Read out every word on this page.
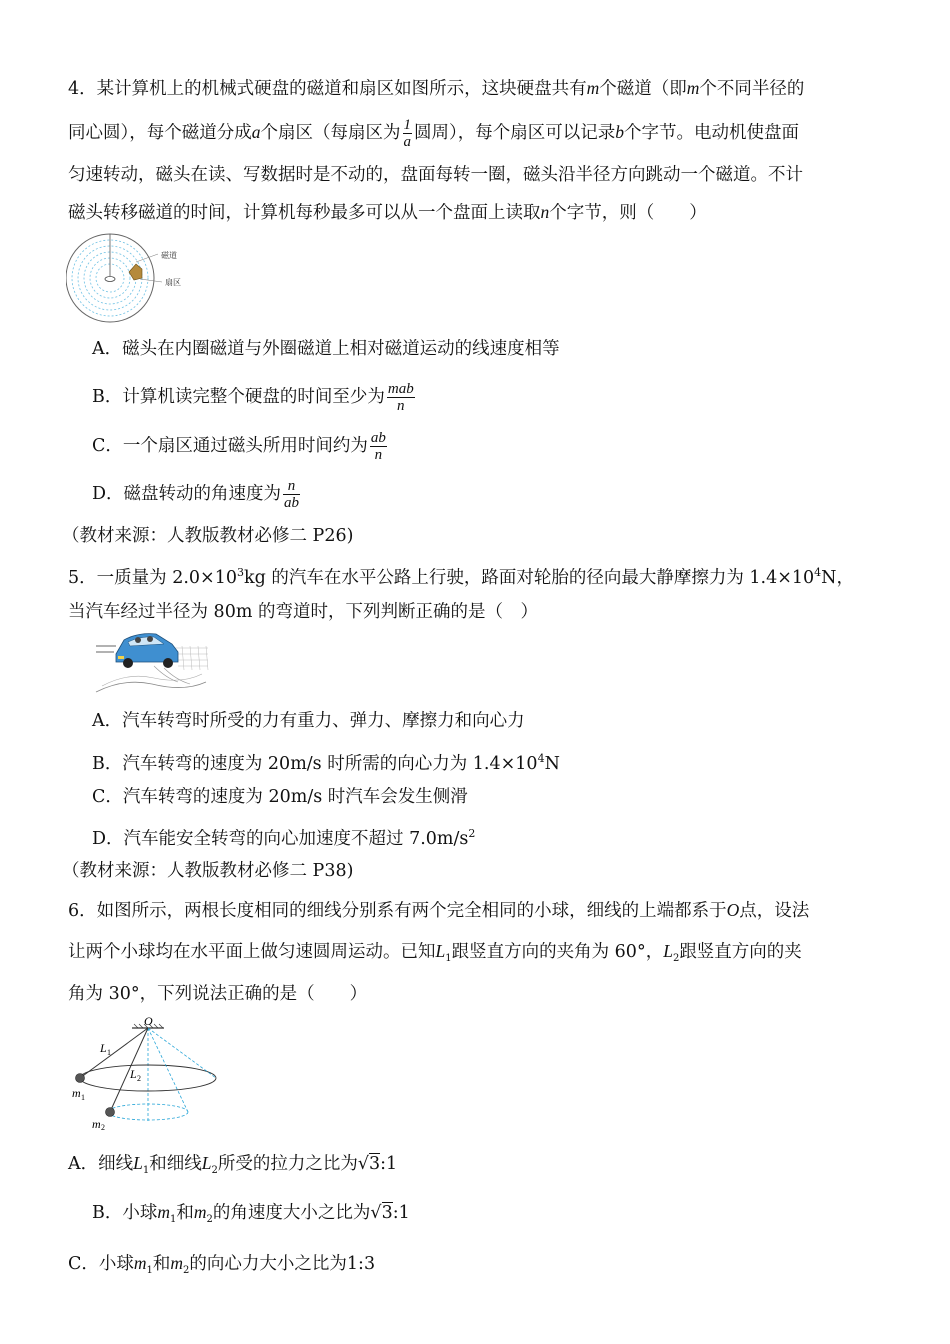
4．某计算机上的机械式硬盘的磁道和扇区如图所示，这块硬盘共有m个磁道（即m个不同半径的
同心圆），每个磁道分成a个扇区（每扇区为 $\frac{1}{a}$ 圆周），每个扇区可以记录b个字节。电动机使盘面
匀速转动，磁头在读、写数据时是不动的，盘面每转一圈，磁头沿半径方向跳动一个磁道。不计
磁头转移磁道的时间，计算机每秒最多可以从一个盘面上读取n个字节，则（　　）
磁道
扇区
A．磁头在内圈磁道与外圈磁道上相对磁道运动的线速度相等
B．计算机读完整个硬盘的时间至少为 $\frac{\text{mab}}{n}$
C．一个扇区通过磁头所用时间约为 $\frac{ab}{n}$
D．磁盘转动的角速度为 $\frac{n}{ab}$
（教材来源：人教版教材必修二 P26)
5．一质量为 $2.0\times 10^3kg$ 的汽车在水平公路上行驶，路面对轮胎的径向最大静摩擦力为 $1.4\times 10^4N$，
当汽车经过半径为 80m 的弯道时，下列判断正确的是（　）
A．汽车转弯时所受的力有重力、弹力、摩擦力和向心力
B．汽车转弯的速度为 20m/s 时所需的向心力为 $1.4\times 10^4N$
C．汽车转弯的速度为 20m/s 时汽车会发生侧滑
D．汽车能安全转弯的向心加速度不超过 $7.0m/s^2$
（教材来源：人教版教材必修二 P38)
6．如图所示，两根长度相同的细线分别系有两个完全相同的小球，细线的上端都系于O点，设法
让两个小球均在水平面上做匀速圆周运动。已知$L_1$跟竖直方向的夹角为 60°，$L_2$跟竖直方向的夹
角为 30°，下列说法正确的是（　　）
O
L 1
L 2
m 1
m 2
A．细线$L_1$和细线$L_2$所受的拉力之比为√3:1
B．小球$m_1$和$m_2$的角速度大小之比为√3:1
C．小球$m_1$和$m_2$的向心力大小之比为1:3
